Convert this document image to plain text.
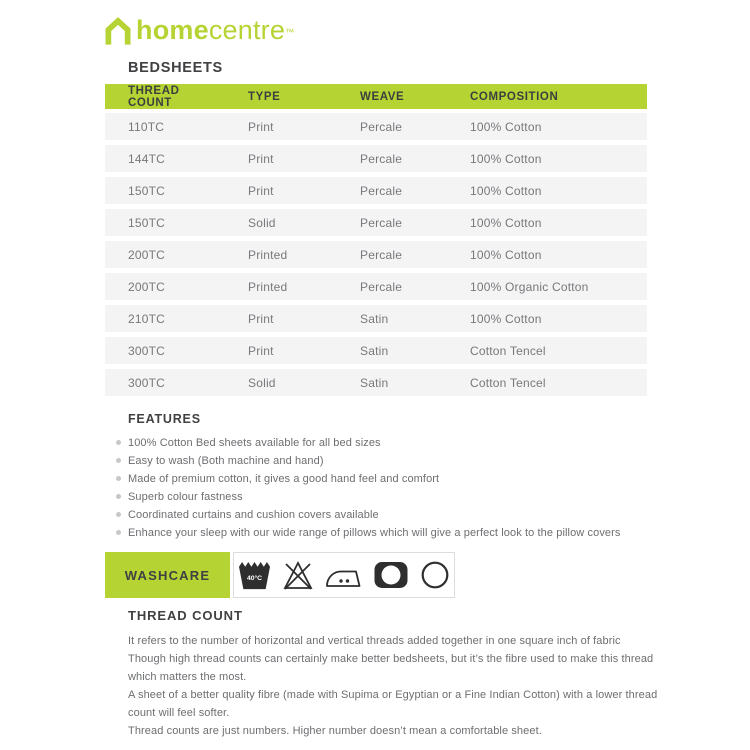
homecentre™
BEDSHEETS
THREAD COUNT	TYPE	WEAVE	COMPOSITION
110TC	Print	Percale	100% Cotton
144TC	Print	Percale	100% Cotton
150TC	Print	Percale	100% Cotton
150TC	Solid	Percale	100% Cotton
200TC	Printed	Percale	100% Cotton
200TC	Printed	Percale	100% Organic Cotton
210TC	Print	Satin	100% Cotton
300TC	Print	Satin	Cotton Tencel
300TC	Solid	Satin	Cotton Tencel
FEATURES
100% Cotton Bed sheets available for all bed sizes
Easy to wash (Both machine and hand)
Made of premium cotton, it gives a good hand feel and comfort
Superb colour fastness
Coordinated curtains and cushion covers available
Enhance your sleep with our wide range of pillows which will give a perfect look to the pillow covers
WASHCARE	40°C
THREAD COUNT

It refers to the number of horizontal and vertical threads added together in one square inch of fabric

Though high thread counts can certainly make better bedsheets, but it’s the fibre used to make this thread which matters the most.

A sheet of a better quality fibre (made with Supima or Egyptian or a Fine Indian Cotton) with a lower thread count will feel softer.

Thread counts are just numbers. Higher number doesn’t mean a comfortable sheet.
